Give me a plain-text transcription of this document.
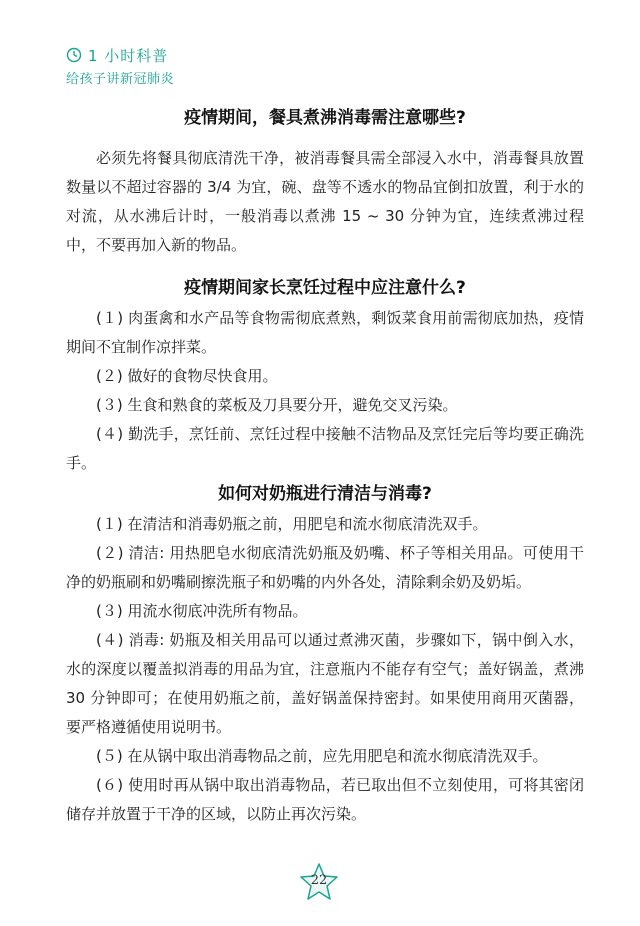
1 小时科普
给孩子讲新冠肺炎
疫情期间，餐具煮沸消毒需注意哪些?

必须先将餐具彻底清洗干净，被消毒餐具需全部浸入水中，消毒餐具放置数量以不超过容器的 3/4 为宜，碗、盘等不透水的物品宜倒扣放置，利于水的对流，从水沸后计时，一般消毒以煮沸 15 ~ 30 分钟为宜，连续煮沸过程中，不要再加入新的物品。

疫情期间家长烹饪过程中应注意什么?

(１) 肉蛋禽和水产品等食物需彻底煮熟，剩饭菜食用前需彻底加热，疫情期间不宜制作凉拌菜。

(２) 做好的食物尽快食用。

(３) 生食和熟食的菜板及刀具要分开，避免交叉污染。

(４) 勤洗手，烹饪前、烹饪过程中接触不洁物品及烹饪完后等均要正确洗手。

如何对奶瓶进行清洁与消毒?

(１) 在清洁和消毒奶瓶之前，用肥皂和流水彻底清洗双手。

(２) 清洁: 用热肥皂水彻底清洗奶瓶及奶嘴、杯子等相关用品。可使用干净的奶瓶刷和奶嘴刷擦洗瓶子和奶嘴的内外各处，清除剩余奶及奶垢。

(３) 用流水彻底冲洗所有物品。

(４) 消毒: 奶瓶及相关用品可以通过煮沸灭菌，步骤如下，锅中倒入水，水的深度以覆盖拟消毒的用品为宜，注意瓶内不能存有空气；盖好锅盖，煮沸 30 分钟即可；在使用奶瓶之前，盖好锅盖保持密封。如果使用商用灭菌器，要严格遵循使用说明书。

(５) 在从锅中取出消毒物品之前，应先用肥皂和流水彻底清洗双手。

(６) 使用时再从锅中取出消毒物品，若已取出但不立刻使用，可将其密闭储存并放置于干净的区域，以防止再次污染。

22
